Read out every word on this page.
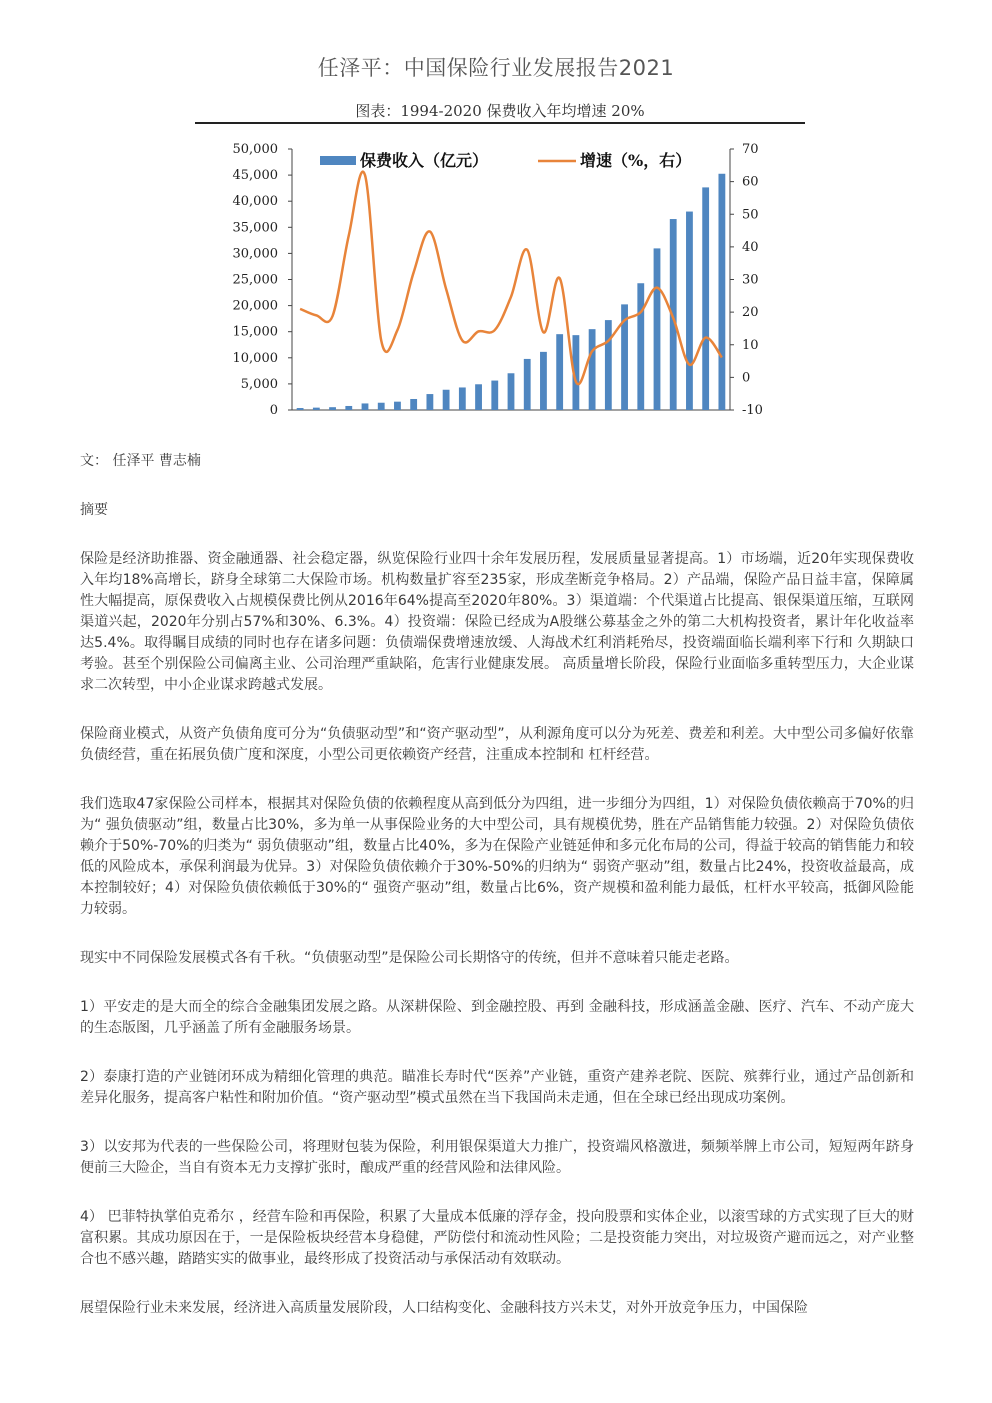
任泽平：中国保险行业发展报告2021
图表：1994-2020 保费收入年均增速 20%
50,000
45,000
40,000
35,000
30,000
25,000
20,000
15,000
10,000
5,000
0
70
60
50
40
30
20
10
0
-10
保费收入（亿元）	增速（%，右）

文： 任泽平 曹志楠

摘要

保险是经济助推器、资金融通器、社会稳定器，纵览保险行业四十余年发展历程，发展质量显著提高。1）市场端，近20年实现保费收入年均18%高增长，跻身全球第二大保险市场。机构数量扩容至235家，形成垄断竞争格局。2）产品端，保险产品日益丰富，保障属性大幅提高，原保费收入占规模保费比例从2016年64%提高至2020年80%。3）渠道端：个代渠道占比提高、银保渠道压缩，互联网渠道兴起，2020年分别占57%和30%、6.3%。4）投资端：保险已经成为A股继公募基金之外的第二大机构投资者，累计年化收益率达5.4%。取得瞩目成绩的同时也存在诸多问题：负债端保费增速放缓、人海战术红利消耗殆尽，投资端面临长端利率下行和 久期缺口考验。甚至个别保险公司偏离主业、公司治理严重缺陷，危害行业健康发展。 高质量增长阶段，保险行业面临多重转型压力，大企业谋求二次转型，中小企业谋求跨越式发展。

保险商业模式，从资产负债角度可分为“负债驱动型”和“资产驱动型”，从利源角度可以分为死差、费差和利差。大中型公司多偏好依靠负债经营，重在拓展负债广度和深度，小型公司更依赖资产经营，注重成本控制和 杠杆经营。

我们选取47家保险公司样本，根据其对保险负债的依赖程度从高到低分为四组，进一步细分为四组，1）对保险负债依赖高于70%的归为“ 强负债驱动”组，数量占比30%，多为单一从事保险业务的大中型公司，具有规模优势，胜在产品销售能力较强。2）对保险负债依赖介于50%-70%的归类为“ 弱负债驱动”组，数量占比40%，多为在保险产业链延伸和多元化布局的公司，得益于较高的销售能力和较低的风险成本，承保利润最为优异。3）对保险负债依赖介于30%-50%的归纳为“ 弱资产驱动”组，数量占比24%，投资收益最高，成本控制较好；4）对保险负债依赖低于30%的“ 强资产驱动”组，数量占比6%，资产规模和盈利能力最低，杠杆水平较高，抵御风险能力较弱。

现实中不同保险发展模式各有千秋。“负债驱动型”是保险公司长期恪守的传统，但并不意味着只能走老路。

1）平安走的是大而全的综合金融集团发展之路。从深耕保险、到金融控股、再到 金融科技，形成涵盖金融、医疗、汽车、不动产庞大的生态版图，几乎涵盖了所有金融服务场景。

2）泰康打造的产业链闭环成为精细化管理的典范。瞄准长寿时代“医养”产业链，重资产建养老院、医院、殡葬行业，通过产品创新和差异化服务，提高客户粘性和附加价值。“资产驱动型”模式虽然在当下我国尚未走通，但在全球已经出现成功案例。

3）以安邦为代表的一些保险公司，将理财包装为保险，利用银保渠道大力推广，投资端风格激进，频频举牌上市公司，短短两年跻身便前三大险企，当自有资本无力支撑扩张时，酿成严重的经营风险和法律风险。

4） 巴菲特执掌伯克希尔 ，经营车险和再保险，积累了大量成本低廉的浮存金，投向股票和实体企业，以滚雪球的方式实现了巨大的财富积累。其成功原因在于，一是保险板块经营本身稳健，严防偿付和流动性风险；二是投资能力突出，对垃圾资产避而远之，对产业整合也不感兴趣，踏踏实实的做事业，最终形成了投资活动与承保活动有效联动。

展望保险行业未来发展，经济进入高质量发展阶段，人口结构变化、金融科技方兴未艾，对外开放竞争压力，中国保险
